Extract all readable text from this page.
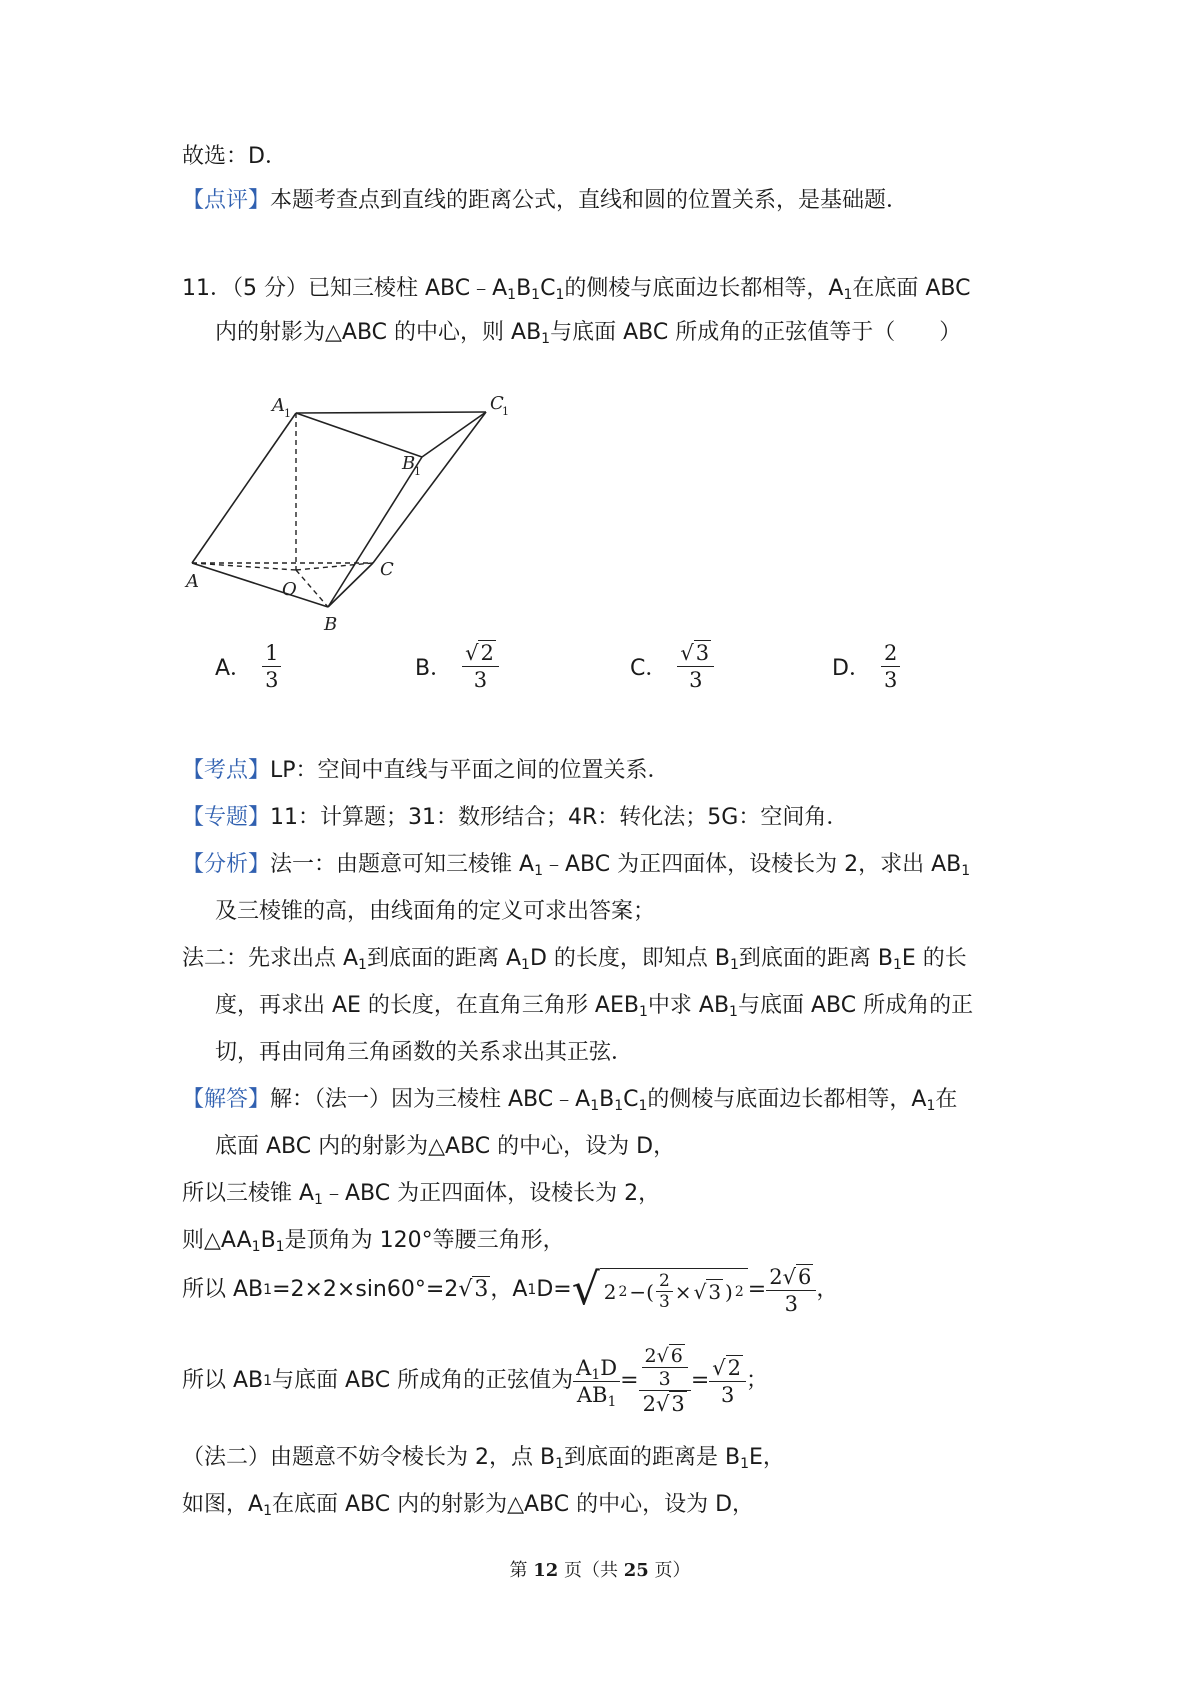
故选：D．
【点评】本题考查点到直线的距离公式，直线和圆的位置关系，是基础题．
11．（5 分）已知三棱柱 $ABC﹣A_1B_1C_1$的侧棱与底面边长都相等，$A_1$在底面 ABC
内的射影为△ABC 的中心，则 $AB_1$与底面 ABC 所成角的正弦值等于（　　）
A 1	C
1
B
1
A	O
C
B
A． $\frac{1}{3}$	B． $\frac{√2}{3}$	C． $\frac{√3}{3}$	D． $\frac{2}{3}$
【考点】LP：空间中直线与平面之间的位置关系．
【专题】11：计算题；31：数形结合；4R：转化法；5G：空间角．
【分析】法一：由题意可知三棱锥 $A_1﹣ABC$ 为正四面体，设棱长为 2，求出 $AB_1$
及三棱锥的高，由线面角的定义可求出答案；
法二：先求出点 $A_1$到底面的距离 $A_1D$ 的长度，即知点 $B_1$到底面的距离 $B_1E$ 的长
度，再求出 AE 的长度，在直角三角形 $AEB_1$中求 $AB_1$与底面 ABC 所成角的正
切，再由同角三角函数的关系求出其正弦．
【解答】解：（法一）因为三棱柱 $ABC﹣A_1B_1C_1$的侧棱与底面边长都相等，$A_1$在
底面 ABC 内的射影为△ABC 的中心，设为 D，
所以三棱锥 $A_1﹣ABC$ 为正四面体，设棱长为 2，
则$\triangle AA_1B_1$是顶角为 120°等腰三角形，
所以 AB 1 =2×2×sin60°=2 √3 ，A 1 D= √ 2 2 −( $\frac{2}{3}$ × √ 3 ) $2 = \frac{2√6}{3}$ ，
所以 AB 1 与底面 ABC 所成角的正弦值为 $\frac{A_1D}{AB_1} = \frac{\frac{2√ 6}{3}}{2√3} = \frac{√2}{3}$ ；
（法二）由题意不妨令棱长为 2，点 $B_1$到底面的距离是 $B_1E$，
如图，$A_1$在底面 ABC 内的射影为△ABC 的中心，设为 D，
第 12 页（共 25 页）
